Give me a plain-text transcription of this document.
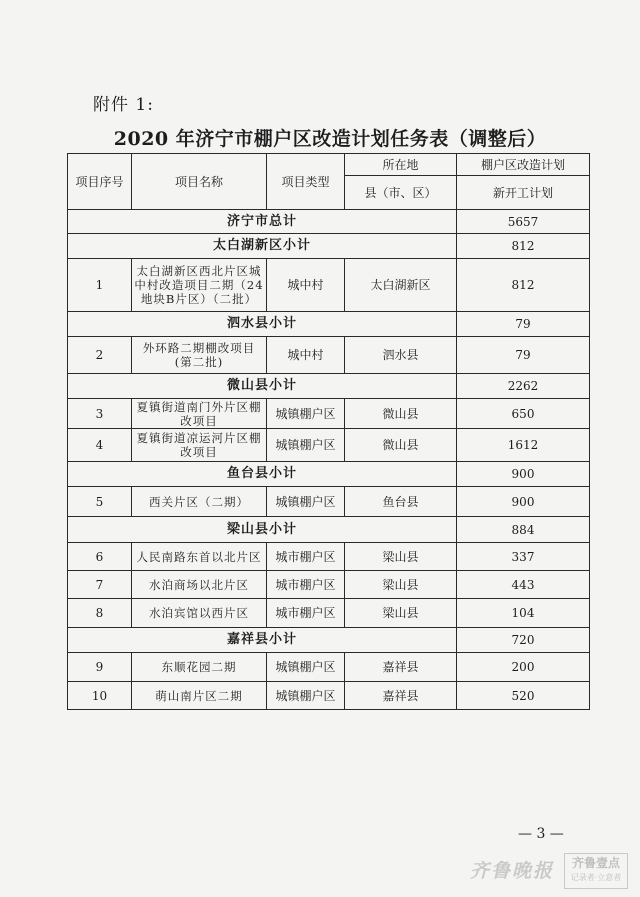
附件 1:
2020 年济宁市棚户区改造计划任务表（调整后）
项目序号	项目名称	项目类型	所在地	棚户区改造计划
			县（市、区）	新开工计划
济宁市总计				5657
太白湖新区小计				812
1	太白湖新区西北片区城中村改造项目二期（24地块B片区）（二批）	城中村	太白湖新区	812
泗水县小计				79
2	外环路二期棚改项目(第二批)	城中村	泗水县	79
微山县小计				2262
3	夏镇街道南门外片区棚改项目	城镇棚户区	微山县	650
4	夏镇街道凉运河片区棚改项目	城镇棚户区	微山县	1612
鱼台县小计				900
5	西关片区（二期）	城镇棚户区	鱼台县	900
梁山县小计				884
6	人民南路东首以北片区	城市棚户区	梁山县	337
7	水泊商场以北片区	城市棚户区	梁山县	443
8	水泊宾馆以西片区	城市棚户区	梁山县	104
嘉祥县小计				720
9	东顺花园二期	城镇棚户区	嘉祥县	200
10	萌山南片区二期	城镇棚户区	嘉祥县	520
— 3 —
齐鲁晚报	齐鲁壹点
记录者·立意者
